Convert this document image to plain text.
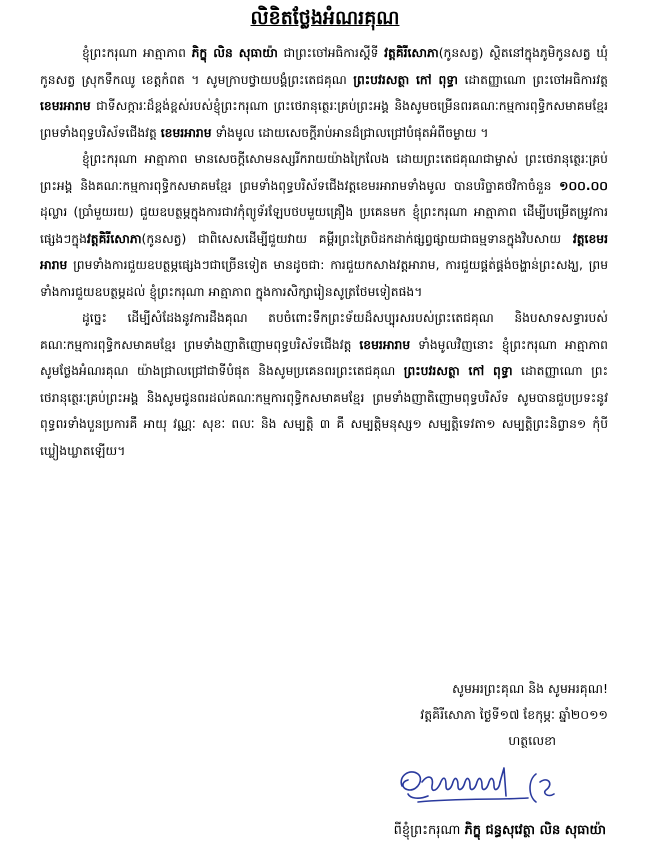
លិខិតថ្លែងអំណរគុណ

ខ្ញុំព្រះករុណា អាត្មាភាព ភិក្ខុ លិន សុធាយ៉ា ជាព្រះចៅអធិការស្ដីទី វត្តគិរីសោភា(កូនសត្វ) ស្ថិតនៅក្នុងភូមិកូនសត្វ ឃុំកូនសត្វ ស្រុកទឹកឈូ ខេត្តកំពត ។ សូមក្រាបថ្វាយបង្គំព្រះតេជគុណ ព្រះបវរសត្ថា កៅ ពុទ្ធា ដោតញ្ញាណោ ព្រះចៅអធិការវត្ត ខេមរអារាម ជាទីសក្ការៈដ៏ខ្ពង់ខ្ពស់របស់ខ្ញុំព្រះករុណា ព្រះថេរានុត្ថេរៈគ្រប់ព្រះអង្គ និងសូមចម្រើនពរគណៈកម្មការពុទ្ធិកសមាគមខ្មែរ ព្រមទាំងពុទ្ធបរិស័ទជើងវត្ត ខេមរអារាម ទាំងមូល ដោយសេចក្ដីរាប់អានដ៏ជ្រាលជ្រៅបំផុតអំពីចម្ងាយ ។

ខ្ញុំព្រះករុណា អាត្មាភាព មានសេចក្ដីសោមនស្សរីករាយយ៉ាងក្រៃលែង ដោយព្រះតេជគុណជាម្ចាស់ ព្រះថេរានុត្ថេរៈគ្រប់ព្រះអង្គ និងគណៈកម្មការពុទ្ធិកសមាគមខ្មែរ ព្រមទាំងពុទ្ធបរិស័ទជើងវត្តខេមរអារាមទាំងមូល បានបរិច្ចាគថវិកាចំនួន ១០០.០០ ដុល្លារ (ប្រាំមួយរយ) ជួយឧបត្ថម្ភក្នុងការជាវកុំព្យូទ័រឡែបថបមួយគ្រឿង ប្រគេនមក ខ្ញុំព្រះករុណា អាត្មាភាព ដើម្បីបម្រើតម្រូវការផ្សេងៗក្នុងវត្តគិរីសោភា(កូនសត្វ) ជាពិសេសដើម្បីជួយវាយ គម្ពីរព្រះត្រៃបិដកដាក់ផ្សព្វផ្សាយជាធម្មទានក្នុងវិបសាយ វត្តខេមរអារាម ព្រមទាំងការជួយឧបត្ថម្ភផ្សេងៗជាច្រើនទៀត មានដូចជា: ការជួយកសាងវត្តអារាម, ការជួយផ្គត់ផ្គង់ចង្ហាន់ព្រះសង្ឃ, ព្រមទាំងការជួយឧបត្ថម្ភដល់ ខ្ញុំព្រះករុណា អាត្មាភាព ក្នុងការសិក្សារៀនសូត្រថែមទៀតផង។

ដូច្នេះ ដើម្បីសំដែងនូវការដឹងគុណ តបចំពោះទឹកព្រះទ័យដ៏សប្បុរសរបស់ព្រះតេជគុណ និងបសាទសទ្ធារបស់គណៈកម្មការពុទ្ធិកសមាគមខ្មែរ ព្រមទាំងញាតិញោមពុទ្ធបរិស័ទជើងវត្ត ខេមរអារាម ទាំងមូលវិញនោះ ខ្ញុំព្រះករុណា អាត្មាភាព សូមថ្លែងអំណរគុណ យ៉ាងជ្រាលជ្រៅជាទីបំផុត និងសូមប្រគេនពរព្រះតេជគុណ ព្រះបវរសត្ថា កៅ ពុទ្ធា ដោតញ្ញាណោ ព្រះថេរានុត្ថេរៈគ្រប់ព្រះអង្គ និងសូមជូនពរដល់គណៈកម្មការពុទ្ធិកសមាគមខ្មែរ ព្រមទាំងញាតិញោមពុទ្ធបរិស័ទ សូមបានជួបប្រទះនូវពុទ្ធពរទាំងបួនប្រការគឺ អាយុ វណ្ណៈ សុខៈ ពលៈ និង សម្បត្តិ ៣ គឺ សម្បត្តិមនុស្ស១ សម្បត្តិទេវតា១ សម្បត្តិព្រះនិព្វាន១ កុំបីឃ្លៀងឃ្លាតឡើយ។

សូមអរព្រះគុណ និង សូមអរគុណ!
វត្តគិរីសោភា ថ្ងៃទី១៧ ខែកុម្ភៈ ឆ្នាំ២០១១
ហត្ថលេខា
ពីខ្ញុំព្រះករុណា ភិក្ខុ ជន្ធសុវេត្ថា លិន សុធាយ៉ា
